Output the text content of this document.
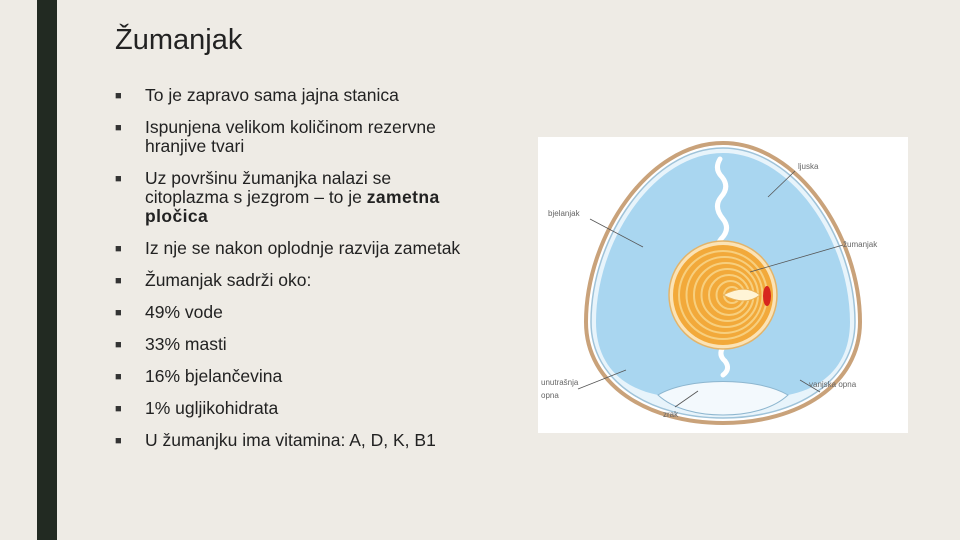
Žumanjak
■ To je zapravo sama jajna stanica
■ Ispunjena velikom količinom rezervne hranjive tvari
■ Uz površinu žumanjka nalazi se citoplazma s jezgrom – to je zametna pločica
■ Iz nje se nakon oplodnje razvija zametak
■ Žumanjak sadrži oko:
■ 49% vode
■ 33% masti
■ 16% bjelančevina
■ 1% ugljikohidrata
■ U žumanjku ima vitamina: A, D, K, B1
ljuska
bjelanjak
žumanjak
unutrašnja
opna
vanjska opna
zrak
